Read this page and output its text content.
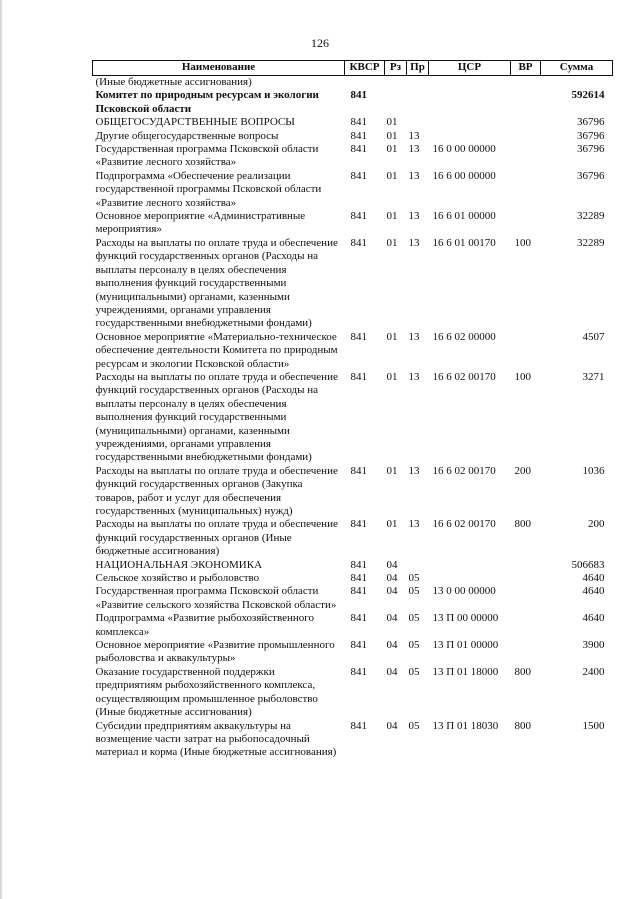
126
Наименование	КВСР	Рз	Пр	ЦСР	ВР	Сумма
(Иные бюджетные ассигнования)						
Комитет по природным ресурсам и экологии Псковской области	841					592614
ОБЩЕГОСУДАРСТВЕННЫЕ ВОПРОСЫ	841	01				36796
Другие общегосударственные вопросы	841	01	13			36796
Государственная программа Псковской области «Развитие лесного хозяйства»	841	01	13	16 0 00 00000		36796
Подпрограмма «Обеспечение реализации государственной программы Псковской области «Развитие лесного хозяйства»	841	01	13	16 6 00 00000		36796
Основное мероприятие «Административные мероприятия»	841	01	13	16 6 01 00000		32289
Расходы на выплаты по оплате труда и обеспечение функций государственных органов (Расходы на выплаты персоналу в целях обеспечения выполнения функций государственными (муниципальными) органами, казенными учреждениями, органами управления государственными внебюджетными фондами)	841	01	13	16 6 01 00170	100	32289
Основное мероприятие «Материально-техническое обеспечение деятельности Комитета по природным ресурсам и экологии Псковской области»	841	01	13	16 6 02 00000		4507
Расходы на выплаты по оплате труда и обеспечение функций государственных органов (Расходы на выплаты персоналу в целях обеспечения выполнения функций государственными (муниципальными) органами, казенными учреждениями, органами управления государственными внебюджетными фондами)	841	01	13	16 6 02 00170	100	3271
Расходы на выплаты по оплате труда и обеспечение функций государственных органов (Закупка товаров, работ и услуг для обеспечения государственных (муниципальных) нужд)	841	01	13	16 6 02 00170	200	1036
Расходы на выплаты по оплате труда и обеспечение функций государственных органов (Иные бюджетные ассигнования)	841	01	13	16 6 02 00170	800	200
НАЦИОНАЛЬНАЯ ЭКОНОМИКА	841	04				506683
Сельское хозяйство и рыболовство	841	04	05			4640
Государственная программа Псковской области «Развитие сельского хозяйства Псковской области»	841	04	05	13 0 00 00000		4640
Подпрограмма «Развитие рыбохозяйственного комплекса»	841	04	05	13 П 00 00000		4640
Основное мероприятие «Развитие промышленного рыболовства и аквакультуры»	841	04	05	13 П 01 00000		3900
Оказание государственной поддержки предприятиям рыбохозяйственного комплекса, осуществляющим промышленное рыболовство (Иные бюджетные ассигнования)	841	04	05	13 П 01 18000	800	2400
Субсидии предприятиям аквакультуры на возмещение части затрат на рыбопосадочный материал и корма (Иные бюджетные ассигнования)	841	04	05	13 П 01 18030	800	1500
